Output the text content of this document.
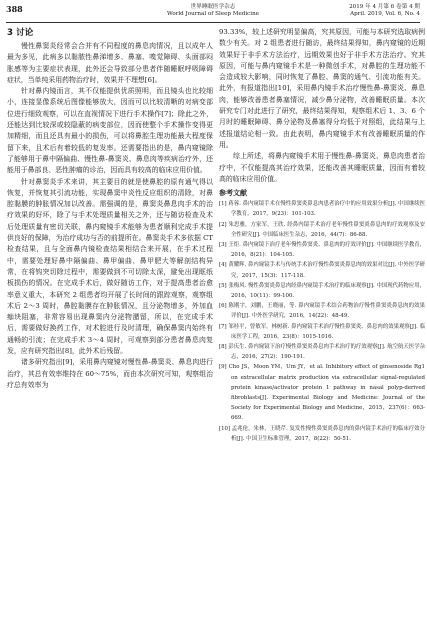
388	世界睡眠医学杂志
World Journal of Sleep Medicine
2019 年 4 月第 6 卷第 4 期
April. 2019, Vol. 6, No. 4
3 讨论

慢性鼻窦炎经常会合并有不同程度的鼻息肉情况，且以成年人最为多见，此病多以黏脓性鼻涕增多、鼻塞、嗅觉障碍、头面部闷胀感等为主要症状表现，此外还会导致部分患者伴随睡眠呼吸障碍症状，当单纯采用药物治疗时，效果并不理想[6]。

针对鼻内镜而言，其不仅能提供优质照明，而且镜头也比较细小，连接显像系统后图像能够放大，因而可以比较清晰的对病变部位进行细致观察，可以在直视情况下进行手术操作[7]；除此之外，还能达到比较深或较隐蔽的病变部位，因而使整个手术操作变得更加精细，而且还具有最小的损伤，可以将鼻腔生理功能最大程度保留下来，且术后有着较低的复发率。还需要指出的是，鼻内窥镜除了能够用于鼻中隔偏曲、慢性鼻-鼻窦炎、鼻息肉等疾病治疗外，还能用于鼻部良、恶性肿瘤的诊治，因而具有较高的临床应用价值。

针对鼻窦炎手术来讲，其主要目的就是使鼻腔的原有通气得以恢复，并恢复其引流功能，实现鼻窦中炎性反应组织的清除，对鼻腔黏膜的肿胀情况加以改善。需强调的是，鼻窦炎鼻息肉手术的治疗效果的好坏，除了与手术处理质量相关之外，还与随访检查及术后处理质量有密切关联，鼻内窥镜手术能够为患者顺利完成手术提供良好的保障，为治疗成功与否的前提所在。鼻窦炎手术多依据 CT 检查结果，且与全面鼻内镜检查结果相结合来开展，在手术过程中，需要处理好鼻中隔偏曲、鼻甲偏曲、鼻甲肥大等解剖结构异常，在将钩突切除过程中，需要做到不可切除太深，避免出现眶纸板损伤的情况。在完成手术后，做好随访工作，对于提高患者治愈率意义重大，本研究 2 组患者均开展了长时间的跟踪观察，观察组术后 2～3 周时，鼻腔黏膜存在肿胀情况，且分泌物增多，外加血痂块阻塞，非常容易出现鼻窦内分泌物潴留，所以，在完成手术后，需要做好换药工作，对术腔进行及时清理，确保鼻窦内始终有通畅的引流；在完成手术 3～4 周时，可观察到部分患者鼻息肉复发，应有研究指出[8]，此外术后残留。

诸多研究指出[9]，采用鼻内窥镜对慢性鼻-鼻窦炎、鼻息肉进行治疗，其总有效率维持在 60～75%，而由本次研究可知，观察组治疗总有效率为

93.33%，较上述研究明显偏高，究其原因，可能与本研究选取病例数少有关。对 2 组患者进行随访，最终结果得知，鼻内窥镜的近期效果好于非手术方法治疗，远期效果也好于非手术方法治疗。究其原因，可能与鼻内窥镜手术是一种微创手术，对鼻腔的生理功能不会造成较大影响，同时恢复了鼻腔、鼻窦的通气、引流功能有关。此外，有报道指出[10]，采用鼻内镜手术治疗慢性鼻-鼻窦炎、鼻息肉，能够改善患者鼻塞情况，减少鼻分泌物，改善睡眠质量。本次研究专门对此进行了研究，最终结果得知，观察组术后 1、3、6 个月时的睡眠障碍、鼻分泌物及鼻塞得分均低于对照组，此结果与上述报道结论相一致。由此表明，鼻内窥镜手术有改善睡眠质量的作用。

综上所述，将鼻内窥镜手术用于慢性鼻-鼻窦炎、鼻息肉患者治疗中，不仅能提高其治疗效果，还能改善其睡眠质量，因而有着较高的临床应用价值。

参考文献

[1] 蒋蓉. 鼻内窥镜手术在慢性鼻窦炎鼻息肉患者治疗中的应用效果分析[J]. 中国继续医学教育，2017，9(23)：101-103.

[2] 朱思雅，方家军，王欣. 经鼻内镜手术治疗老年慢性鼻窦炎鼻息肉的疗效观察及安全性研究[J]. 中国临床医生杂志，2016，44(7)：86-88.

[3] 王炬. 鼻内窥镜下治疗老年慢性鼻窦炎、鼻息肉的疗效评价[J]. 中国继续医学教育，2016，8(21)：104-105.

[4] 黄耀辉. 鼻内窥镜手术与传统手术治疗慢性鼻窦炎鼻息肉的效果对比[J]. 中外医学研究，2017，15(3)：117-118.

[5] 张梅风. 慢性鼻窦炎鼻息肉经鼻内窥镜手术治疗的临床观察[J]. 中国现代药物应用，2016，10(11)：99-100.

[6] 陈刚宇，刘鹏，王晓丽，等. 鼻内窥镜手术结合药物治疗慢性鼻窦炎鼻息肉的效果评价[J]. 中外医学研究，2016，14(22)：48-49.

[7] 邹桂平，曾敏军，林树新. 鼻内窥镜手术治疗慢性鼻窦炎、鼻息肉的效果观察[J]. 临床医学工程，2016，23(8)：1015-1016.

[8] 彭庆生. 鼻内窥镜下治疗慢性鼻窦炎鼻息肉手术治疗的疗效观察[J]. 航空航天医学杂志，2016，27(2)：190-191.

[9] Cho JS，Moon YM，Um JY，et al. Inhibitory effect of ginsenoside Rg1 on extracellular matrix production via extracellular signal-regulated protein kinase/activator protein 1 pathway in nasal polyp-derived fibroblasts[J]. Experimental Biology and Medicine: Journal of the Society for Experimental Biology and Medicine，2015，237(6)：663-669.

[10] 孟兆伦，朱林，王晓芹. 复发性慢性鼻窦炎鼻息肉的鼻内镜手术治疗的临床疗效分析[J]. 中国卫生标准管理，2017，8(22)：50-51.
